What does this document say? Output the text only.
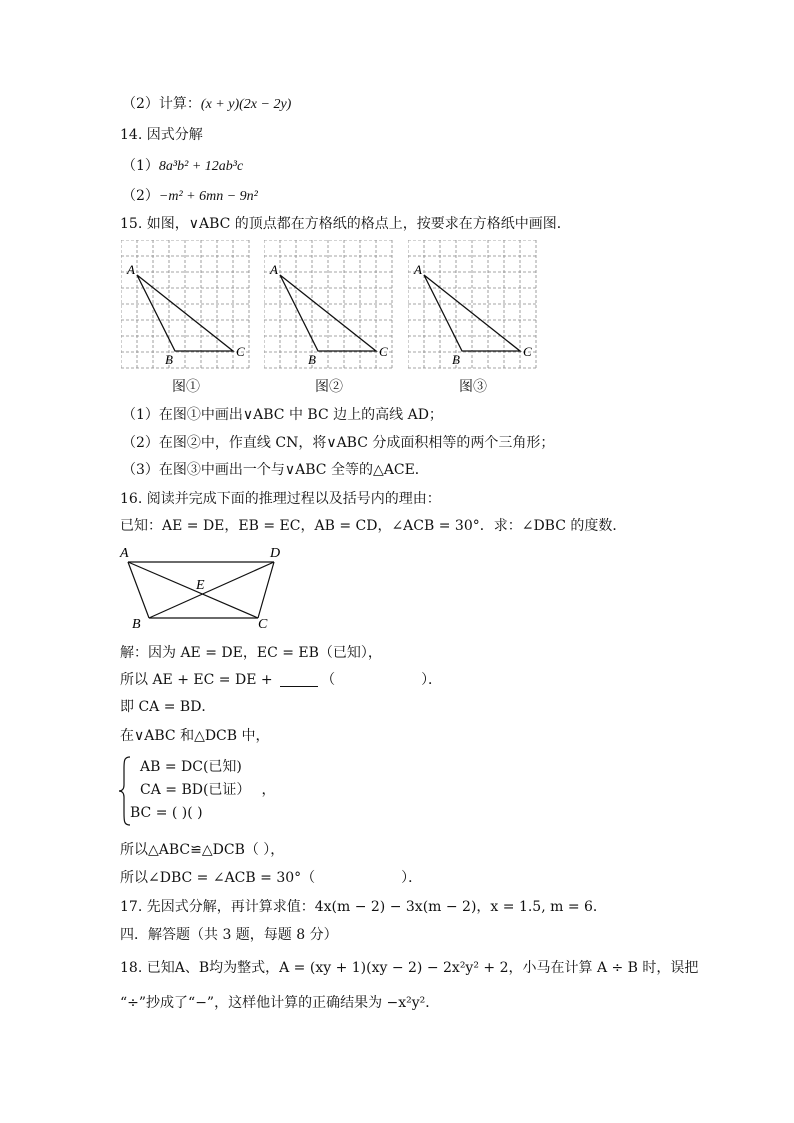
（2）计算：(x + y)(2x − 2y)
14. 因式分解
（1）8a³b² + 12ab³c
（2）−m² + 6mn − 9n²
15. 如图，∨ABC 的顶点都在方格纸的格点上，按要求在方格纸中画图．
A
B
C
A
B
C
A
B
C
图①	图②	图③
（1）在图①中画出∨ABC 中 BC 边上的高线 AD；
（2）在图②中，作直线 CN，将∨ABC 分成面积相等的两个三角形；
（3）在图③中画出一个与∨ABC 全等的△ACE．
16. 阅读并完成下面的推理过程以及括号内的理由：
已知：AE = DE，EB = EC，AB = CD，∠ACB = 30°．求：∠DBC 的度数．
A	D
E
B	C
解：因为 AE = DE，EC = EB（已知），
所以 AE + EC = DE +	（	）．
即 CA = BD．
在∨ABC 和△DCB 中，
AB = DC(已知)
CA = BD(已证） ，
BC = ( )( )
所以△ABC≌△DCB（ ），
所以∠DBC = ∠ACB = 30°（	）．
17. 先因式分解，再计算求值：4x(m − 2) − 3x(m − 2)，x = 1.5, m = 6．
四．解答题（共 3 题，每题 8 分）
18. 已知A、B均为整式，A = (xy + 1)(xy − 2) − 2x²y² + 2，小马在计算 A ÷ B 时，误把
“÷”抄成了“−”，这样他计算的正确结果为 −x²y²．
